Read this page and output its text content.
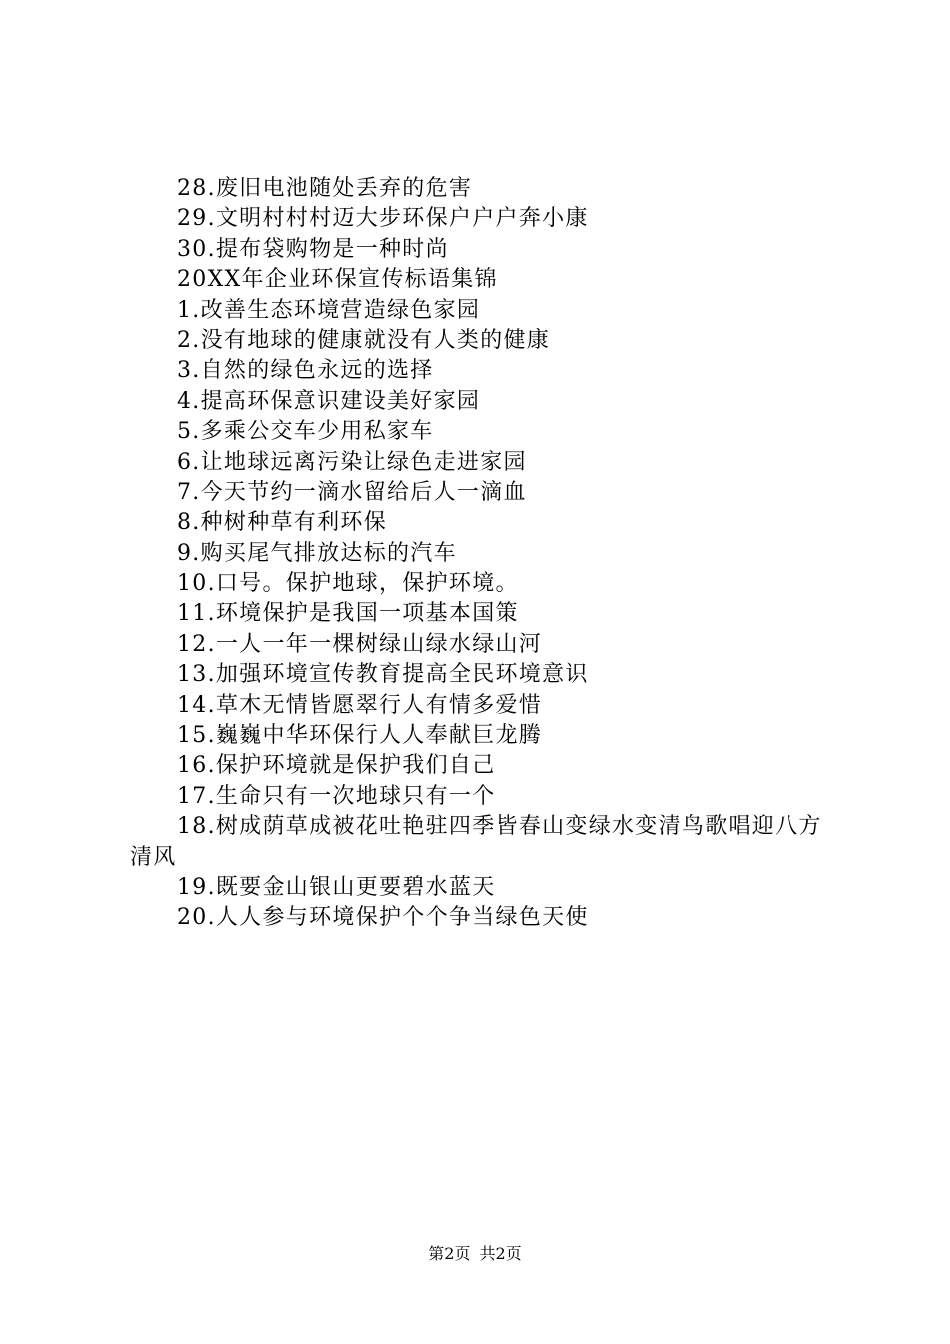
28.废旧电池随处丢弃的危害
29.文明村村村迈大步环保户户户奔小康
30.提布袋购物是一种时尚
20XX年企业环保宣传标语集锦
1.改善生态环境营造绿色家园
2.没有地球的健康就没有人类的健康
3.自然的绿色永远的选择
4.提高环保意识建设美好家园
5.多乘公交车少用私家车
6.让地球远离污染让绿色走进家园
7.今天节约一滴水留给后人一滴血
8.种树种草有利环保
9.购买尾气排放达标的汽车
10.口号。保护地球，保护环境。
11.环境保护是我国一项基本国策
12.一人一年一棵树绿山绿水绿山河
13.加强环境宣传教育提高全民环境意识
14.草木无情皆愿翠行人有情多爱惜
15.巍巍中华环保行人人奉献巨龙腾
16.保护环境就是保护我们自己
17.生命只有一次地球只有一个
18.树成荫草成被花吐艳驻四季皆春山变绿水变清鸟歌唱迎八方清风
19.既要金山银山更要碧水蓝天
20.人人参与环境保护个个争当绿色天使
第2页 共2页
